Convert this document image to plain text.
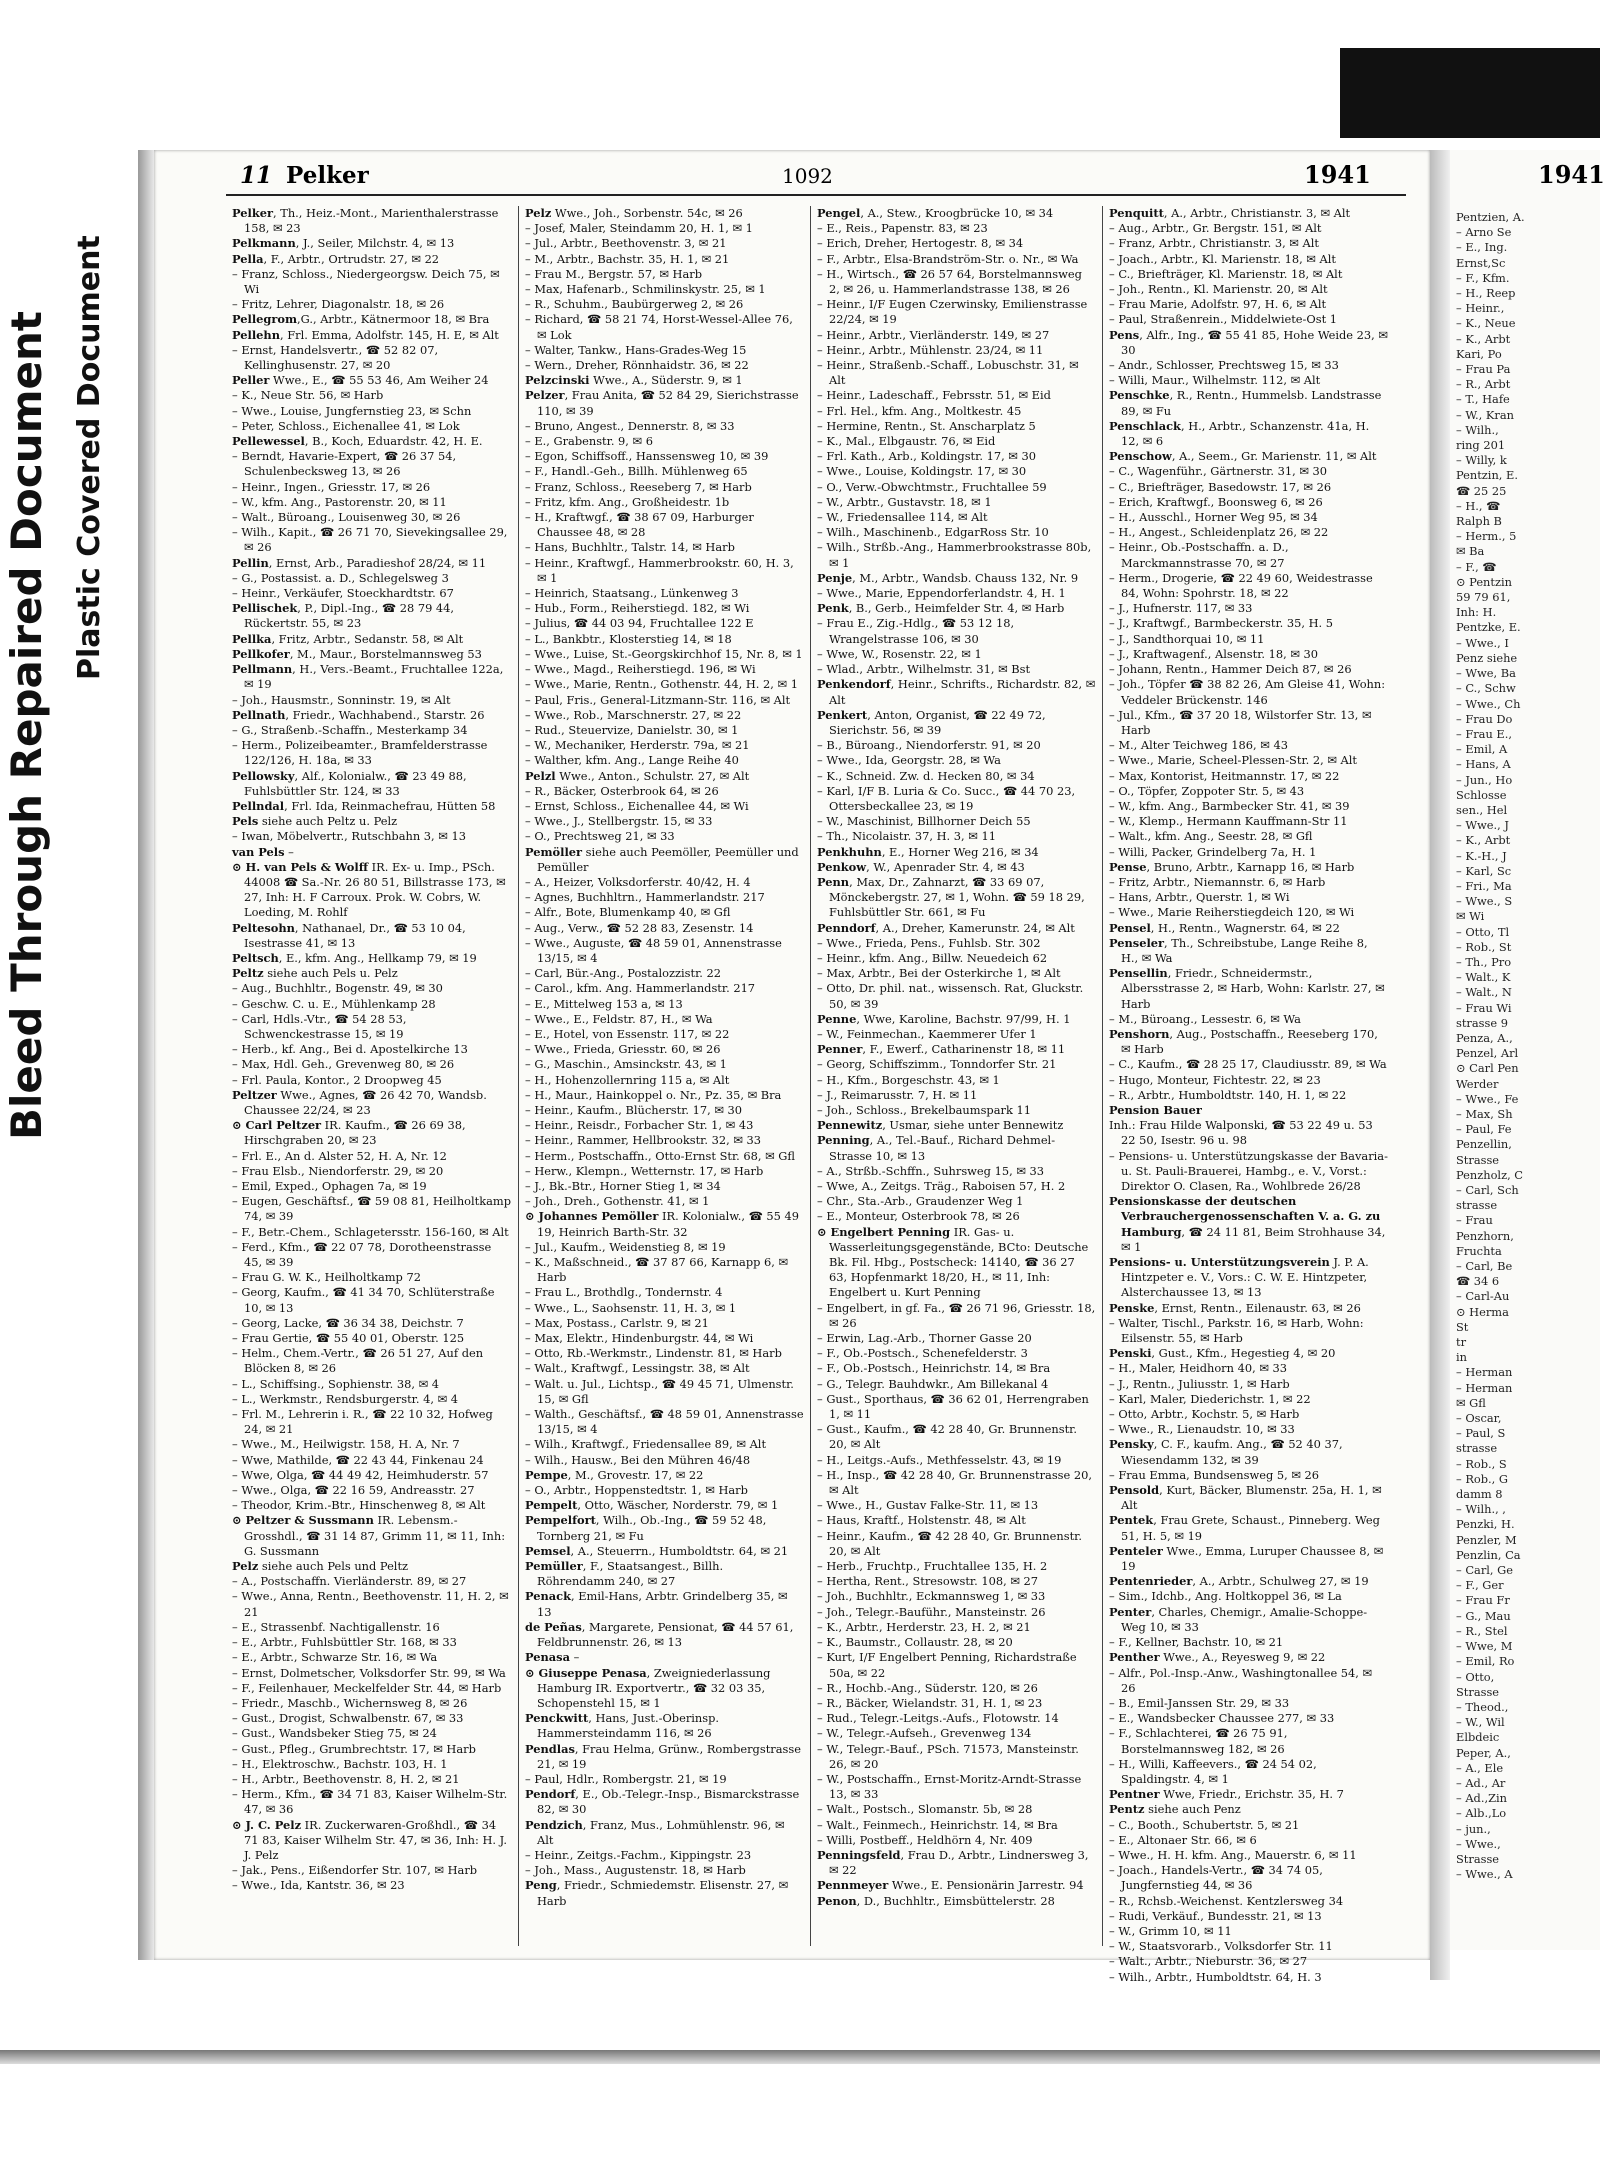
Bleed Through Repaired Document Plastic Covered Document
11 Pelker	1092	1941

Pelker, Th., Heiz.-Mont., Marienthalerstrasse 158, ✉ 23

Pelkmann, J., Seiler, Milchstr. 4, ✉ 13

Pella, F., Arbtr., Ortrudstr. 27, ✉ 22

– Franz, Schloss., Niedergeorgsw. Deich 75, ✉ Wi

– Fritz, Lehrer, Diagonalstr. 18, ✉ 26

Pellegrom,G., Arbtr., Kätnermoor 18, ✉ Bra

Pellehn, Frl. Emma, Adolfstr. 145, H. E, ✉ Alt

– Ernst, Handelsvertr., ☎ 52 82 07, Kellinghusenstr. 27, ✉ 20

Peller Wwe., E., ☎ 55 53 46, Am Weiher 24

– K., Neue Str. 56, ✉ Harb

– Wwe., Louise, Jungfernstieg 23, ✉ Schn

– Peter, Schloss., Eichenallee 41, ✉ Lok

Pellewessel, B., Koch, Eduardstr. 42, H. E.

– Berndt, Havarie-Expert, ☎ 26 37 54, Schulenbecksweg 13, ✉ 26

– Heinr., Ingen., Griesstr. 17, ✉ 26

– W., kfm. Ang., Pastorenstr. 20, ✉ 11

– Walt., Büroang., Louisenweg 30, ✉ 26

– Wilh., Kapit., ☎ 26 71 70, Sievekingsallee 29, ✉ 26

Pellin, Ernst, Arb., Paradieshof 28/24, ✉ 11

– G., Postassist. a. D., Schlegelsweg 3

– Heinr., Verkäufer, Stoeckhardtstr. 67

Pellischek, P., Dipl.-Ing., ☎ 28 79 44, Rückertstr. 55, ✉ 23

Pellka, Fritz, Arbtr., Sedanstr. 58, ✉ Alt

Pellkofer, M., Maur., Borstelmannsweg 53

Pellmann, H., Vers.-Beamt., Fruchtallee 122a, ✉ 19

– Joh., Hausmstr., Sonninstr. 19, ✉ Alt

Pellnath, Friedr., Wachhabend., Starstr. 26

– G., Straßenb.-Schaffn., Mesterkamp 34

– Herm., Polizeibeamter., Bramfelderstrasse 122/126, H. 18a, ✉ 33

Pellowsky, Alf., Kolonialw., ☎ 23 49 88, Fuhlsbüttler Str. 124, ✉ 33

Pellndal, Frl. Ida, Reinmachefrau, Hütten 58

Pels siehe auch Peltz u. Pelz

– Iwan, Möbelvertr., Rutschbahn 3, ✉ 13

van Pels –

⊙ H. van Pels & Wolff IR. Ex- u. Imp., PSch. 44008 ☎ Sa.-Nr. 26 80 51, Billstrasse 173, ✉ 27, Inh: H. F Carroux. Prok. W. Cobrs, W. Loeding, M. Rohlf

Peltesohn, Nathanael, Dr., ☎ 53 10 04, Isestrasse 41, ✉ 13

Peltsch, E., kfm. Ang., Hellkamp 79, ✉ 19

Peltz siehe auch Pels u. Pelz

– Aug., Buchhltr., Bogenstr. 49, ✉ 30

– Geschw. C. u. E., Mühlenkamp 28

– Carl, Hdls.-Vtr., ☎ 54 28 53, Schwenckestrasse 15, ✉ 19

– Herb., kf. Ang., Bei d. Apostelkirche 13

– Max, Hdl. Geh., Grevenweg 80, ✉ 26

– Frl. Paula, Kontor., 2 Droopweg 45

Peltzer Wwe., Agnes, ☎ 26 42 70, Wandsb. Chaussee 22/24, ✉ 23

⊙ Carl Peltzer IR. Kaufm., ☎ 26 69 38, Hirschgraben 20, ✉ 23

– Frl. E., An d. Alster 52, H. A, Nr. 12

– Frau Elsb., Niendorferstr. 29, ✉ 20

– Emil, Exped., Ophagen 7a, ✉ 19

– Eugen, Geschäftsf., ☎ 59 08 81, Heilholtkamp 74, ✉ 39

– F., Betr.-Chem., Schlagetersstr. 156-160, ✉ Alt

– Ferd., Kfm., ☎ 22 07 78, Dorotheenstrasse 45, ✉ 39

– Frau G. W. K., Heilholtkamp 72

– Georg, Kaufm., ☎ 41 34 70, Schlüterstraße 10, ✉ 13

– Georg, Lacke, ☎ 36 34 38, Deichstr. 7

– Frau Gertie, ☎ 55 40 01, Oberstr. 125

– Helm., Chem.-Vertr., ☎ 26 51 27, Auf den Blöcken 8, ✉ 26

– L., Schiffsing., Sophienstr. 38, ✉ 4

– L., Werkmstr., Rendsburgerstr. 4, ✉ 4

– Frl. M., Lehrerin i. R., ☎ 22 10 32, Hofweg 24, ✉ 21

– Wwe., M., Heilwigstr. 158, H. A, Nr. 7

– Wwe, Mathilde, ☎ 22 43 44, Finkenau 24

– Wwe, Olga, ☎ 44 49 42, Heimhuderstr. 57

– Wwe., Olga, ☎ 22 16 59, Andreasstr. 27

– Theodor, Krim.-Btr., Hinschenweg 8, ✉ Alt

⊙ Peltzer & Sussmann IR. Lebensm.-Grosshdl., ☎ 31 14 87, Grimm 11, ✉ 11, Inh: G. Sussmann

Pelz siehe auch Pels und Peltz

– A., Postschaffn. Vierländerstr. 89, ✉ 27

– Wwe., Anna, Rentn., Beethovenstr. 11, H. 2, ✉ 21

– E., Strassenbf. Nachtigallenstr. 16

– E., Arbtr., Fuhlsbüttler Str. 168, ✉ 33

– E., Arbtr., Schwarze Str. 16, ✉ Wa

– Ernst, Dolmetscher, Volksdorfer Str. 99, ✉ Wa

– F., Feilenhauer, Meckelfelder Str. 44, ✉ Harb

– Friedr., Maschb., Wichernsweg 8, ✉ 26

– Gust., Drogist, Schwalbenstr. 67, ✉ 33

– Gust., Wandsbeker Stieg 75, ✉ 24

– Gust., Pfleg., Grumbrechtstr. 17, ✉ Harb

– H., Elektroschw., Bachstr. 103, H. 1

– H., Arbtr., Beethovenstr. 8, H. 2, ✉ 21

– Herm., Kfm., ☎ 34 71 83, Kaiser Wilhelm-Str. 47, ✉ 36

⊙ J. C. Pelz IR. Zuckerwaren-Großhdl., ☎ 34 71 83, Kaiser Wilhelm Str. 47, ✉ 36, Inh: H. J. J. Pelz

– Jak., Pens., Eißendorfer Str. 107, ✉ Harb

– Wwe., Ida, Kantstr. 36, ✉ 23

Pelz Wwe., Joh., Sorbenstr. 54c, ✉ 26

– Josef, Maler, Steindamm 20, H. 1, ✉ 1

– Jul., Arbtr., Beethovenstr. 3, ✉ 21

– M., Arbtr., Bachstr. 35, H. 1, ✉ 21

– Frau M., Bergstr. 57, ✉ Harb

– Max, Hafenarb., Schmilinskystr. 25, ✉ 1

– R., Schuhm., Baubürgerweg 2, ✉ 26

– Richard, ☎ 58 21 74, Horst-Wessel-Allee 76, ✉ Lok

– Walter, Tankw., Hans-Grades-Weg 15

– Wern., Dreher, Rönnhaidstr. 36, ✉ 22

Pelzcinski Wwe., A., Süderstr. 9, ✉ 1

Pelzer, Frau Anita, ☎ 52 84 29, Sierichstrasse 110, ✉ 39

– Bruno, Angest., Dennerstr. 8, ✉ 33

– E., Grabenstr. 9, ✉ 6

– Egon, Schiffsoff., Hanssensweg 10, ✉ 39

– F., Handl.-Geh., Billh. Mühlenweg 65

– Franz, Schloss., Reeseberg 7, ✉ Harb

– Fritz, kfm. Ang., Großheidestr. 1b

– H., Kraftwgf., ☎ 38 67 09, Harburger Chaussee 48, ✉ 28

– Hans, Buchhltr., Talstr. 14, ✉ Harb

– Heinr., Kraftwgf., Hammerbrookstr. 60, H. 3, ✉ 1

– Heinrich, Staatsang., Lünkenweg 3

– Hub., Form., Reiherstiegd. 182, ✉ Wi

– Julius, ☎ 44 03 94, Fruchtallee 122 E

– L., Bankbtr., Klosterstieg 14, ✉ 18

– Wwe., Luise, St.-Georgskirchhof 15, Nr. 8, ✉ 1

– Wwe., Magd., Reiherstiegd. 196, ✉ Wi

– Wwe., Marie, Rentn., Gothenstr. 44, H. 2, ✉ 1

– Paul, Fris., General-Litzmann-Str. 116, ✉ Alt

– Wwe., Rob., Marschnerstr. 27, ✉ 22

– Rud., Steuervize, Danielstr. 30, ✉ 1

– W., Mechaniker, Herderstr. 79a, ✉ 21

– Walther, kfm. Ang., Lange Reihe 40

Pelzl Wwe., Anton., Schulstr. 27, ✉ Alt

– R., Bäcker, Osterbrook 64, ✉ 26

– Ernst, Schloss., Eichenallee 44, ✉ Wi

– Wwe., J., Stellbergstr. 15, ✉ 33

– O., Prechtsweg 21, ✉ 33

Pemöller siehe auch Peemöller, Peemüller und Pemüller

– A., Heizer, Volksdorferstr. 40/42, H. 4

– Agnes, Buchhltrn., Hammerlandstr. 217

– Alfr., Bote, Blumenkamp 40, ✉ Gfl

– Aug., Verw., ☎ 52 28 83, Zesenstr. 14

– Wwe., Auguste, ☎ 48 59 01, Annenstrasse 13/15, ✉ 4

– Carl, Bür.-Ang., Postalozzistr. 22

– Carol., kfm. Ang. Hammerlandstr. 217

– E., Mittelweg 153 a, ✉ 13

– Wwe., E., Feldstr. 87, H., ✉ Wa

– E., Hotel, von Essenstr. 117, ✉ 22

– Wwe., Frieda, Griesstr. 60, ✉ 26

– G., Maschin., Amsinckstr. 43, ✉ 1

– H., Hohenzollernring 115 a, ✉ Alt

– H., Maur., Hainkoppel o. Nr., Pz. 35, ✉ Bra

– Heinr., Kaufm., Blücherstr. 17, ✉ 30

– Heinr., Reisdr., Forbacher Str. 1, ✉ 43

– Heinr., Rammer, Hellbrookstr. 32, ✉ 33

– Herm., Postschaffn., Otto-Ernst Str. 68, ✉ Gfl

– Herw., Klempn., Wetternstr. 17, ✉ Harb

– J., Bk.-Btr., Horner Stieg 1, ✉ 34

– Joh., Dreh., Gothenstr. 41, ✉ 1

⊙ Johannes Pemöller IR. Kolonialw., ☎ 55 49 19, Heinrich Barth-Str. 32

– Jul., Kaufm., Weidenstieg 8, ✉ 19

– K., Maßschneid., ☎ 37 87 66, Karnapp 6, ✉ Harb

– Frau L., Brothdlg., Tondernstr. 4

– Wwe., L., Saohsenstr. 11, H. 3, ✉ 1

– Max, Postass., Carlstr. 9, ✉ 21

– Max, Elektr., Hindenburgstr. 44, ✉ Wi

– Otto, Rb.-Werkmstr., Lindenstr. 81, ✉ Harb

– Walt., Kraftwgf., Lessingstr. 38, ✉ Alt

– Walt. u. Jul., Lichtsp., ☎ 49 45 71, Ulmenstr. 15, ✉ Gfl

– Walth., Geschäftsf., ☎ 48 59 01, Annenstrasse 13/15, ✉ 4

– Wilh., Kraftwgf., Friedensallee 89, ✉ Alt

– Wilh., Hausw., Bei den Mühren 46/48

Pempe, M., Grovestr. 17, ✉ 22

– O., Arbtr., Hoppenstedtstr. 1, ✉ Harb

Pempelt, Otto, Wäscher, Norderstr. 79, ✉ 1

Pempelfort, Wilh., Ob.-Ing., ☎ 59 52 48, Tornberg 21, ✉ Fu

Pemsel, A., Steuerrn., Humboldtstr. 64, ✉ 21

Pemüller, F., Staatsangest., Billh. Röhrendamm 240, ✉ 27

Penack, Emil-Hans, Arbtr. Grindelberg 35, ✉ 13

de Peñas, Margarete, Pensionat, ☎ 44 57 61, Feldbrunnenstr. 26, ✉ 13

Penasa –

⊙ Giuseppe Penasa, Zweigniederlassung Hamburg IR. Exportvertr., ☎ 32 03 35, Schopenstehl 15, ✉ 1

Penckwitt, Hans, Just.-Oberinsp. Hammersteindamm 116, ✉ 26

Pendlas, Frau Helma, Grünw., Rombergstrasse 21, ✉ 19

– Paul, Hdlr., Rombergstr. 21, ✉ 19

Pendorf, E., Ob.-Telegr.-Insp., Bismarckstrasse 82, ✉ 30

Pendzich, Franz, Mus., Lohmühlenstr. 96, ✉ Alt

– Heinr., Zeitgs.-Fachm., Kippingstr. 23

– Joh., Mass., Augustenstr. 18, ✉ Harb

Peng, Friedr., Schmiedemstr. Elisenstr. 27, ✉ Harb

Pengel, A., Stew., Kroogbrücke 10, ✉ 34

– E., Reis., Papenstr. 83, ✉ 23

– Erich, Dreher, Hertogestr. 8, ✉ 34

– F., Arbtr., Elsa-Brandström-Str. o. Nr., ✉ Wa

– H., Wirtsch., ☎ 26 57 64, Borstelmannsweg 2, ✉ 26, u. Hammerlandstrasse 138, ✉ 26

– Heinr., I/F Eugen Czerwinsky, Emilienstrasse 22/24, ✉ 19

– Heinr., Arbtr., Vierländerstr. 149, ✉ 27

– Heinr., Arbtr., Mühlenstr. 23/24, ✉ 11

– Heinr., Straßenb.-Schaff., Lobuschstr. 31, ✉ Alt

– Heinr., Ladeschaff., Febrsstr. 51, ✉ Eid

– Frl. Hel., kfm. Ang., Moltkestr. 45

– Hermine, Rentn., St. Anscharplatz 5

– K., Mal., Elbgaustr. 76, ✉ Eid

– Frl. Kath., Arb., Koldingstr. 17, ✉ 30

– Wwe., Louise, Koldingstr. 17, ✉ 30

– O., Verw.-Obwchtmstr., Fruchtallee 59

– W., Arbtr., Gustavstr. 18, ✉ 1

– W., Friedensallee 114, ✉ Alt

– Wilh., Maschinenb., EdgarRoss Str. 10

– Wilh., Strßb.-Ang., Hammerbrookstrasse 80b, ✉ 1

Penje, M., Arbtr., Wandsb. Chauss 132, Nr. 9

– Wwe., Marie, Eppendorferlandstr. 4, H. 1

Penk, B., Gerb., Heimfelder Str. 4, ✉ Harb

– Frau E., Zig.-Hdlg., ☎ 53 12 18, Wrangelstrasse 106, ✉ 30

– Wwe, W., Rosenstr. 22, ✉ 1

– Wlad., Arbtr., Wilhelmstr. 31, ✉ Bst

Penkendorf, Heinr., Schrifts., Richardstr. 82, ✉ Alt

Penkert, Anton, Organist, ☎ 22 49 72, Sierichstr. 56, ✉ 39

– B., Büroang., Niendorferstr. 91, ✉ 20

– Wwe., Ida, Georgstr. 28, ✉ Wa

– K., Schneid. Zw. d. Hecken 80, ✉ 34

– Karl, I/F B. Luria & Co. Succ., ☎ 44 70 23, Ottersbeckallee 23, ✉ 19

– W., Maschinist, Billhorner Deich 55

– Th., Nicolaistr. 37, H. 3, ✉ 11

Penkhuhn, E., Horner Weg 216, ✉ 34

Penkow, W., Apenrader Str. 4, ✉ 43

Penn, Max, Dr., Zahnarzt, ☎ 33 69 07, Mönckebergstr. 27, ✉ 1, Wohn. ☎ 59 18 29, Fuhlsbüttler Str. 661, ✉ Fu

Penndorf, A., Dreher, Kamerunstr. 24, ✉ Alt

– Wwe., Frieda, Pens., Fuhlsb. Str. 302

– Heinr., kfm. Ang., Billw. Neuedeich 62

– Max, Arbtr., Bei der Osterkirche 1, ✉ Alt

– Otto, Dr. phil. nat., wissensch. Rat, Gluckstr. 50, ✉ 39

Penne, Wwe, Karoline, Bachstr. 97/99, H. 1

– W., Feinmechan., Kaemmerer Ufer 1

Penner, F., Ewerf., Catharinenstr 18, ✉ 11

– Georg, Schiffszimm., Tonndorfer Str. 21

– H., Kfm., Borgeschstr. 43, ✉ 1

– J., Reimarusstr. 7, H. ✉ 11

– Joh., Schloss., Brekelbaumspark 11

Pennewitz, Usmar, siehe unter Bennewitz

Penning, A., Tel.-Bauf., Richard Dehmel-Strasse 10, ✉ 13

– A., Strßb.-Schffn., Suhrsweg 15, ✉ 33

– Wwe, A., Zeitgs. Träg., Raboisen 57, H. 2

– Chr., Sta.-Arb., Graudenzer Weg 1

– E., Monteur, Osterbrook 78, ✉ 26

⊙ Engelbert Penning IR. Gas- u. Wasserleitungsgegenstände, BCto: Deutsche Bk. Fil. Hbg., Postscheck: 14140, ☎ 36 27 63, Hopfenmarkt 18/20, H., ✉ 11, Inh: Engelbert u. Kurt Penning

– Engelbert, in gf. Fa., ☎ 26 71 96, Griesstr. 18, ✉ 26

– Erwin, Lag.-Arb., Thorner Gasse 20

– F., Ob.-Postsch., Schenefelderstr. 3

– F., Ob.-Postsch., Heinrichstr. 14, ✉ Bra

– G., Telegr. Bauhdwkr., Am Billekanal 4

– Gust., Sporthaus, ☎ 36 62 01, Herrengraben 1, ✉ 11

– Gust., Kaufm., ☎ 42 28 40, Gr. Brunnenstr. 20, ✉ Alt

– H., Leitgs.-Aufs., Methfesselstr. 43, ✉ 19

– H., Insp., ☎ 42 28 40, Gr. Brunnenstrasse 20, ✉ Alt

– Wwe., H., Gustav Falke-Str. 11, ✉ 13

– Haus, Kraftf., Holstenstr. 48, ✉ Alt

– Heinr., Kaufm., ☎ 42 28 40, Gr. Brunnenstr. 20, ✉ Alt

– Herb., Fruchtp., Fruchtallee 135, H. 2

– Hertha, Rent., Stresowstr. 108, ✉ 27

– Joh., Buchhltr., Eckmannsweg 1, ✉ 33

– Joh., Telegr.-Bauführ., Mansteinstr. 26

– K., Arbtr., Herderstr. 23, H. 2, ✉ 21

– K., Baumstr., Collaustr. 28, ✉ 20

– Kurt, I/F Engelbert Penning, Richardstraße 50a, ✉ 22

– R., Hochb.-Ang., Süderstr. 120, ✉ 26

– R., Bäcker, Wielandstr. 31, H. 1, ✉ 23

– Rud., Telegr.-Leitgs.-Aufs., Flotowstr. 14

– W., Telegr.-Aufseh., Grevenweg 134

– W., Telegr.-Bauf., PSch. 71573, Mansteinstr. 26, ✉ 20

– W., Postschaffn., Ernst-Moritz-Arndt-Strasse 13, ✉ 33

– Walt., Postsch., Slomanstr. 5b, ✉ 28

– Walt., Feinmech., Heinrichstr. 14, ✉ Bra

– Willi, Postbeff., Heldhörn 4, Nr. 409

Penningsfeld, Frau D., Arbtr., Lindnersweg 3, ✉ 22

Pennmeyer Wwe., E. Pensionärin Jarrestr. 94

Penon, D., Buchhltr., Eimsbüttelerstr. 28

Penquitt, A., Arbtr., Christianstr. 3, ✉ Alt

– Aug., Arbtr., Gr. Bergstr. 151, ✉ Alt

– Franz, Arbtr., Christianstr. 3, ✉ Alt

– Joach., Arbtr., Kl. Marienstr. 18, ✉ Alt

– C., Briefträger, Kl. Marienstr. 18, ✉ Alt

– Joh., Rentn., Kl. Marienstr. 20, ✉ Alt

– Frau Marie, Adolfstr. 97, H. 6, ✉ Alt

– Paul, Straßenrein., Middelwiete-Ost 1

Pens, Alfr., Ing., ☎ 55 41 85, Hohe Weide 23, ✉ 30

– Andr., Schlosser, Prechtsweg 15, ✉ 33

– Willi, Maur., Wilhelmstr. 112, ✉ Alt

Penschke, R., Rentn., Hummelsb. Landstrasse 89, ✉ Fu

Penschlack, H., Arbtr., Schanzenstr. 41a, H. 12, ✉ 6

Penschow, A., Seem., Gr. Marienstr. 11, ✉ Alt

– C., Wagenführ., Gärtnerstr. 31, ✉ 30

– C., Briefträger, Basedowstr. 17, ✉ 26

– Erich, Kraftwgf., Boonsweg 6, ✉ 26

– H., Ausschl., Horner Weg 95, ✉ 34

– H., Angest., Schleidenplatz 26, ✉ 22

– Heinr., Ob.-Postschaffn. a. D., Marckmannstrasse 70, ✉ 27

– Herm., Drogerie, ☎ 22 49 60, Weidestrasse 84, Wohn: Spohrstr. 18, ✉ 22

– J., Hufnerstr. 117, ✉ 33

– J., Kraftwgf., Barmbeckerstr. 35, H. 5

– J., Sandthorquai 10, ✉ 11

– J., Kraftwagenf., Alsenstr. 18, ✉ 30

– Johann, Rentn., Hammer Deich 87, ✉ 26

– Joh., Töpfer ☎ 38 82 26, Am Gleise 41, Wohn: Veddeler Brückenstr. 146

– Jul., Kfm., ☎ 37 20 18, Wilstorfer Str. 13, ✉ Harb

– M., Alter Teichweg 186, ✉ 43

– Wwe., Marie, Scheel-Plessen-Str. 2, ✉ Alt

– Max, Kontorist, Heitmannstr. 17, ✉ 22

– O., Töpfer, Zoppoter Str. 5, ✉ 43

– W., kfm. Ang., Barmbecker Str. 41, ✉ 39

– W., Klemp., Hermann Kauffmann-Str 11

– Walt., kfm. Ang., Seestr. 28, ✉ Gfl

– Willi, Packer, Grindelberg 7a, H. 1

Pense, Bruno, Arbtr., Karnapp 16, ✉ Harb

– Fritz, Arbtr., Niemannstr. 6, ✉ Harb

– Hans, Arbtr., Querstr. 1, ✉ Wi

– Wwe., Marie Reiherstiegdeich 120, ✉ Wi

Pensel, H., Rentn., Wagnerstr. 64, ✉ 22

Penseler, Th., Schreibstube, Lange Reihe 8, H., ✉ Wa

Pensellin, Friedr., Schneidermstr., Albersstrasse 2, ✉ Harb, Wohn: Karlstr. 27, ✉ Harb

– M., Büroang., Lessestr. 6, ✉ Wa

Penshorn, Aug., Postschaffn., Reeseberg 170, ✉ Harb

– C., Kaufm., ☎ 28 25 17, Claudiusstr. 89, ✉ Wa

– Hugo, Monteur, Fichtestr. 22, ✉ 23

– R., Arbtr., Humboldtstr. 140, H. 1, ✉ 22

Pension Bauer

Inh.: Frau Hilde Walponski, ☎ 53 22 49 u. 53 22 50, Isestr. 96 u. 98

– Pensions- u. Unterstützungskasse der Bavaria- u. St. Pauli-Brauerei, Hambg., e. V., Vorst.: Direktor O. Clasen, Ra., Wohlbrede 26/28

Pensionskasse der deutschen Verbrauchergenossenschaften V. a. G. zu Hamburg, ☎ 24 11 81, Beim Strohhause 34, ✉ 1

Pensions- u. Unterstützungsverein J. P. A. Hintzpeter e. V., Vors.: C. W. E. Hintzpeter, Alsterchaussee 13, ✉ 13

Penske, Ernst, Rentn., Eilenaustr. 63, ✉ 26

– Walter, Tischl., Parkstr. 16, ✉ Harb, Wohn: Eilsenstr. 55, ✉ Harb

Penski, Gust., Kfm., Hegestieg 4, ✉ 20

– H., Maler, Heidhorn 40, ✉ 33

– J., Rentn., Juliusstr. 1, ✉ Harb

– Karl, Maler, Diederichstr. 1, ✉ 22

– Otto, Arbtr., Kochstr. 5, ✉ Harb

– Wwe., R., Lienaudstr. 10, ✉ 33

Pensky, C. F., kaufm. Ang., ☎ 52 40 37, Wiesendamm 132, ✉ 39

– Frau Emma, Bundsensweg 5, ✉ 26

Pensold, Kurt, Bäcker, Blumenstr. 25a, H. 1, ✉ Alt

Pentek, Frau Grete, Schaust., Pinneberg. Weg 51, H. 5, ✉ 19

Penteler Wwe., Emma, Luruper Chaussee 8, ✉ 19

Pentenrieder, A., Arbtr., Schulweg 27, ✉ 19

– Sim., Idchb., Ang. Holtkoppel 36, ✉ La

Penter, Charles, Chemigr., Amalie-Schoppe-Weg 10, ✉ 33

– F., Kellner, Bachstr. 10, ✉ 21

Penther Wwe., A., Reyesweg 9, ✉ 22

– Alfr., Pol.-Insp.-Anw., Washingtonallee 54, ✉ 26

– B., Emil-Janssen Str. 29, ✉ 33

– E., Wandsbecker Chaussee 277, ✉ 33

– F., Schlachterei, ☎ 26 75 91, Borstelmannsweg 182, ✉ 26

– H., Willi, Kaffeevers., ☎ 24 54 02, Spaldingstr. 4, ✉ 1

Pentner Wwe, Friedr., Erichstr. 35, H. 7

Pentz siehe auch Penz

– C., Booth., Schubertstr. 5, ✉ 21

– E., Altonaer Str. 66, ✉ 6

– Wwe., H. H. kfm. Ang., Mauerstr. 6, ✉ 11

– Joach., Handels-Vertr., ☎ 34 74 05, Jungfernstieg 44, ✉ 36

– R., Rchsb.-Weichenst. Kentzlersweg 34

– Rudi, Verkäuf., Bundesstr. 21, ✉ 13

– W., Grimm 10, ✉ 11

– W., Staatsvorarb., Volksdorfer Str. 11

– Walt., Arbtr., Nieburstr. 36, ✉ 27

– Wilh., Arbtr., Humboldtstr. 64, H. 3

1941
Pentzien, A.
– Arno Se
– E., Ing.
Ernst,Sc
– F., Kfm.
– H., Reep
– Heinr.,
– K., Neue
– K., Arbt
Kari, Po
– Frau Pa
– R., Arbt
– T., Hafe
– W., Kran
– Wilh.,
ring 201
– Willy, k
Pentzin, E.
☎ 25 25
– H., ☎
Ralph B
– Herm., 5
✉ Ba
– F., ☎
⊙ Pentzin
59 79 61,
Inh: H.
Pentzke, E.
– Wwe., I
Penz siehe
– Wwe, Ba
– C., Schw
– Wwe., Ch
– Frau Do
– Frau E.,
– Emil, A
– Hans, A
– Jun., Ho
Schlosse
sen., Hel
– Wwe., J
– K., Arbt
– K.-H., J
– Karl, Sc
– Fri., Ma
– Wwe., S
✉ Wi
– Otto, Tl
– Rob., St
– Th., Pro
– Walt., K
– Walt., N
– Frau Wi
strasse 9
Penza, A.,
Penzel, Arl
⊙ Carl Pen
Werder
– Wwe., Fe
– Max, Sh
– Paul, Fe
Penzellin,
Strasse
Penzholz, C
– Carl, Sch
strasse
– Frau
Penzhorn,
Fruchta
– Carl, Be
☎ 34 6
– Carl-Au
⊙ Herma
St
tr
in
– Herman
– Herman
✉ Gfl
– Oscar,
– Paul, S
strasse
– Rob., S
– Rob., G
damm 8
– Wilh., ,
Penzki, H.
Penzler, M
Penzlin, Ca
– Carl, Ge
– F., Ger
– Frau Fr
– G., Mau
– R., Stel
– Wwe, M
– Emil, Ro
– Otto,
Strasse
– Theod.,
– W., Wil
Elbdeic
Peper, A.,
– A., Ele
– Ad., Ar
– Ad.,Zin
– Alb.,Lo
– jun.,
– Wwe.,
Strasse
– Wwe., A
